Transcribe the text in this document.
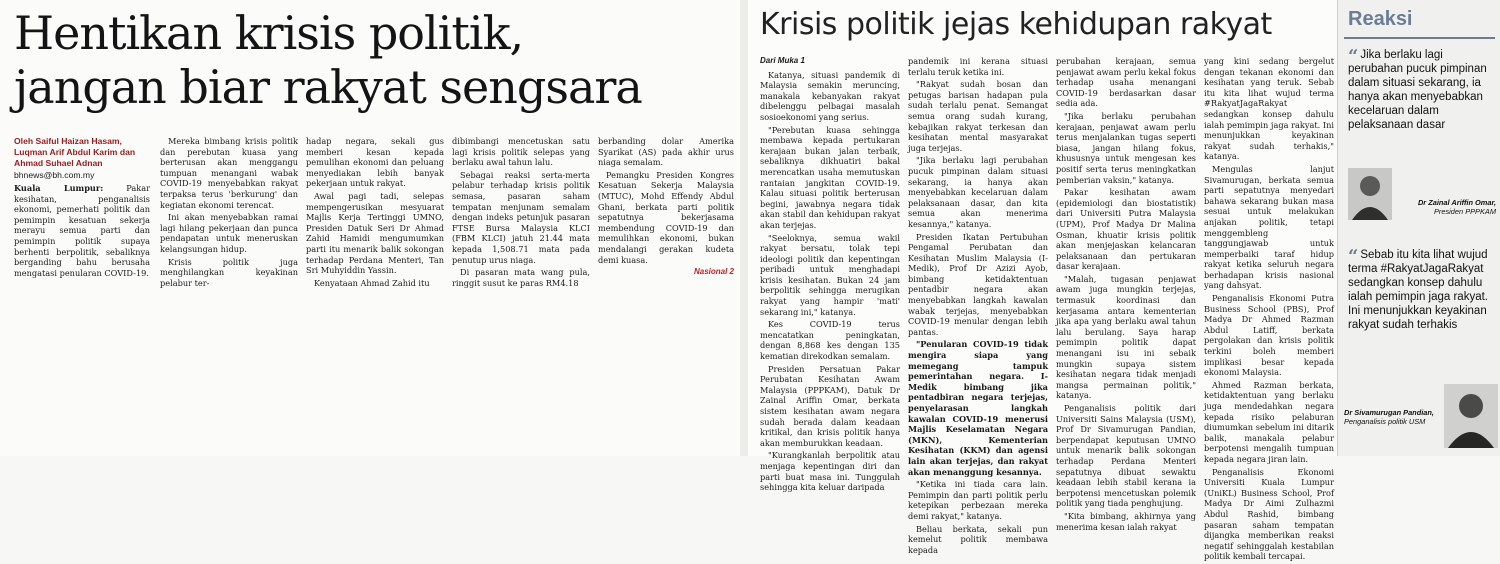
Hentikan krisis politik,
jangan biar rakyat sengsara
Oleh Saiful Haizan Hasam, Luqman Arif Abdul Karim dan Ahmad Suhael Adnan
bhnews@bh.com.my

Kuala Lumpur: Pakar kesihatan, penganalisis ekonomi, pemerhati politik dan pemimpin kesatuan sekerja merayu semua parti dan pemimpin politik supaya berhenti berpolitik, sebaliknya berganding bahu berusaha mengatasi penularan COVID-19.

Mereka bimbang krisis politik dan perebutan kuasa yang berterusan akan menggangu tumpuan menangani wabak COVID-19 menyebabkan rakyat terpaksa terus 'berkurung' dan kegiatan ekonomi terencat.

Ini akan menyebabkan ramai lagi hilang pekerjaan dan punca pendapatan untuk meneruskan kelangsungan hidup.

Krisis politik juga menghilangkan keyakinan pelabur ter-

hadap negara, sekali gus memberi kesan kepada pemulihan ekonomi dan peluang menyediakan lebih banyak pekerjaan untuk rakyat.

Awal pagi tadi, selepas mempengerusikan mesyuarat Majlis Kerja Tertinggi UMNO, Presiden Datuk Seri Dr Ahmad Zahid Hamidi mengumumkan parti itu menarik balik sokongan terhadap Perdana Menteri, Tan Sri Muhyiddin Yassin.

Kenyataan Ahmad Zahid itu

dibimbangi mencetuskan satu lagi krisis politik selepas yang berlaku awal tahun lalu.

Sebagai reaksi serta-merta pelabur terhadap krisis politik semasa, pasaran saham tempatan menjunam semalam dengan indeks petunjuk pasaran FTSE Bursa Malaysia KLCI (FBM KLCI) jatuh 21.44 mata kepada 1,508.71 mata pada penutup urus niaga.

Di pasaran mata wang pula, ringgit susut ke paras RM4.18

berbanding dolar Amerika Syarikat (AS) pada akhir urus niaga semalam.

Pemangku Presiden Kongres Kesatuan Sekerja Malaysia (MTUC), Mohd Effendy Abdul Ghani, berkata parti politik sepatutnya bekerjasama membendung COVID-19 dan memulihkan ekonomi, bukan mendalangi gerakan kudeta demi kuasa.

Nasional 2
Krisis politik jejas kehidupan rakyat
Dari Muka 1

Katanya, situasi pandemik di Malaysia semakin meruncing, manakala kebanyakan rakyat dibelenggu pelbagai masalah sosioekonomi yang serius.

"Perebutan kuasa sehingga membawa kepada pertukaran kerajaan bukan jalan terbaik, sebaliknya dikhuatiri bakal merencatkan usaha memutuskan rantaian jangkitan COVID-19. Kalau situasi politik berterusan begini, jawabnya negara tidak akan stabil dan kehidupan rakyat akan terjejas.

"Seeloknya, semua wakil rakyat bersatu, tolak tepi ideologi politik dan kepentingan peribadi untuk menghadapi krisis kesihatan. Bukan 24 jam berpolitik sehingga merugikan rakyat yang hampir 'mati' sekarang ini," katanya.

Kes COVID-19 terus mencatatkan peningkatan, dengan 8,868 kes dengan 135 kematian direkodkan semalam.

Presiden Persatuan Pakar Perubatan Kesihatan Awam Malaysia (PPPKAM), Datuk Dr Zainal Ariffin Omar, berkata sistem kesihatan awam negara sudah berada dalam keadaan kritikal, dan krisis politik hanya akan memburukkan keadaan.

"Kurangkanlah berpolitik atau menjaga kepentingan diri dan parti buat masa ini. Tunggulah sehingga kita keluar daripada

pandemik ini kerana situasi terlalu teruk ketika ini.

"Rakyat sudah bosan dan petugas barisan hadapan pula sudah terlalu penat. Semangat semua orang sudah kurang, kebajikan rakyat terkesan dan kesihatan mental masyarakat juga terjejas.

"Jika berlaku lagi perubahan pucuk pimpinan dalam situasi sekarang, ia hanya akan menyebabkan kecelaruan dalam pelaksanaan dasar, dan kita semua akan menerima kesannya," katanya.

Presiden Ikatan Pertubuhan Pengamal Perubatan dan Kesihatan Muslim Malaysia (I-Medik), Prof Dr Azizi Ayob, bimbang ketidaktentuan pentadbir negara akan menyebabkan langkah kawalan wabak terjejas, menyebabkan COVID-19 menular dengan lebih pantas.

"Penularan COVID-19 tidak mengira siapa yang memegang tampuk pemerintahan negara. I-Medik bimbang jika pentadbiran negara terjejas, penyelarasan langkah kawalan COVID-19 menerusi Majlis Keselamatan Negara (MKN), Kementerian Kesihatan (KKM) dan agensi lain akan terjejas, dan rakyat akan menanggung kesannya.

"Ketika ini tiada cara lain. Pemimpin dan parti politik perlu ketepikan perbezaan mereka demi rakyat," katanya.

Beliau berkata, sekali pun kemelut politik membawa kepada

perubahan kerajaan, semua penjawat awam perlu kekal fokus terhadap usaha menangani COVID-19 berdasarkan dasar sedia ada.

"Jika berlaku perubahan kerajaan, penjawat awam perlu terus menjalankan tugas seperti biasa, jangan hilang fokus, khususnya untuk mengesan kes positif serta terus meningkatkan pemberian vaksin," katanya.

Pakar kesihatan awam (epidemiologi dan biostatistik) dari Universiti Putra Malaysia (UPM), Prof Madya Dr Malina Osman, khuatir krisis politik akan menjejaskan kelancaran pelaksanaan dan pertukaran dasar kerajaan.

"Malah, tugasan penjawat awam juga mungkin terjejas, termasuk koordinasi dan kerjasama antara kementerian jika apa yang berlaku awal tahun lalu berulang. Saya harap pemimpin politik dapat menangani isu ini sebaik mungkin supaya sistem kesihatan negara tidak menjadi mangsa permainan politik," katanya.

Penganalisis politik dari Universiti Sains Malaysia (USM), Prof Dr Sivamurugan Pandian, berpendapat keputusan UMNO untuk menarik balik sokongan terhadap Perdana Menteri sepatutnya dibuat sewaktu keadaan lebih stabil kerana ia berpotensi mencetuskan polemik politik yang tiada penghujung.

"Kita bimbang, akhirnya yang menerima kesan ialah rakyat

yang kini sedang bergelut dengan tekanan ekonomi dan kesihatan yang teruk. Sebab itu kita lihat wujud terma #RakyatJagaRakyat sedangkan konsep dahulu ialah pemimpin jaga rakyat. Ini menunjukkan keyakinan rakyat sudah terhakis," katanya.

Mengulas lanjut Sivamurugan, berkata semua parti sepatutnya menyedari bahawa sekarang bukan masa sesuai untuk melakukan anjakan politik, tetapi menggembleng tanggungjawab untuk memperbaiki taraf hidup rakyat ketika seluruh negara berhadapan krisis nasional yang dahsyat.

Penganalisis Ekonomi Putra Business School (PBS), Prof Madya Dr Ahmed Razman Abdul Latiff, berkata pergolakan dan krisis politik terkini boleh memberi implikasi besar kepada ekonomi Malaysia.

Ahmed Razman berkata, ketidaktentuan yang berlaku juga mendedahkan negara kepada risiko pelaburan diumumkan sebelum ini ditarik balik, manakala pelabur berpotensi mengalih tumpuan kepada negara jiran lain.

Penganalisis Ekonomi Universiti Kuala Lumpur (UniKL) Business School, Prof Madya Dr Aimi Zulhazmi Abdul Rashid, bimbang pasaran saham tempatan dijangka memberikan reaksi negatif sehinggalah kestabilan politik kembali tercapai.

Reaksi
“ Jika berlaku lagi perubahan pucuk pimpinan dalam situasi sekarang, ia hanya akan menyebabkan kecelaruan dalam pelaksanaan dasar
Dr Zainal Ariffin Omar,
Presiden PPPKAM
“ Sebab itu kita lihat wujud terma #RakyatJagaRakyat sedangkan konsep dahulu ialah pemimpin jaga rakyat. Ini menunjukkan keyakinan rakyat sudah terhakis
Dr Sivamurugan Pandian,
Penganalisis politik USM
